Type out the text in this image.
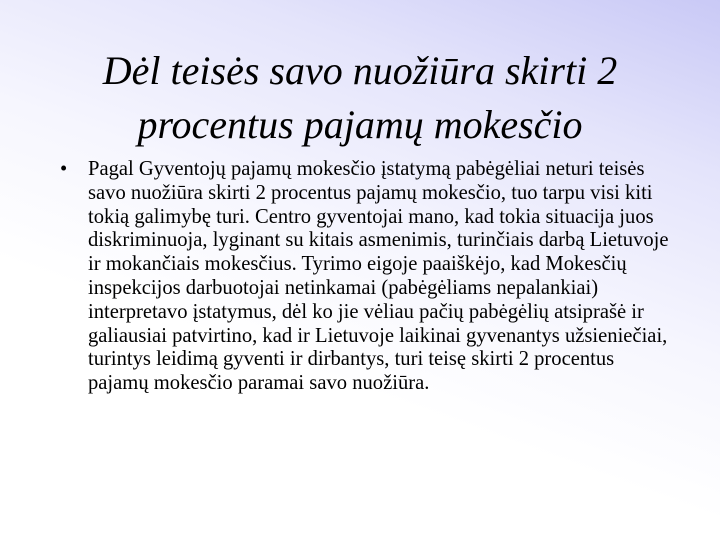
Dėl teisės savo nuožiūra skirti 2 procentus pajamų mokesčio
• Pagal Gyventojų pajamų mokesčio įstatymą pabėgėliai neturi teisės savo nuožiūra skirti 2 procentus pajamų mokesčio, tuo tarpu visi kiti tokią galimybę turi. Centro gyventojai mano, kad tokia situacija juos diskriminuoja, lyginant su kitais asmenimis, turinčiais darbą Lietuvoje ir mokančiais mokesčius. Tyrimo eigoje paaiškėjo, kad Mokesčių inspekcijos darbuotojai netinkamai (pabėgėliams nepalankiai) interpretavo įstatymus, dėl ko jie vėliau pačių pabėgėlių atsiprašė ir galiausiai patvirtino, kad ir Lietuvoje laikinai gyvenantys užsieniečiai, turintys leidimą gyventi ir dirbantys, turi teisę skirti 2 procentus pajamų mokesčio paramai savo nuožiūra.
